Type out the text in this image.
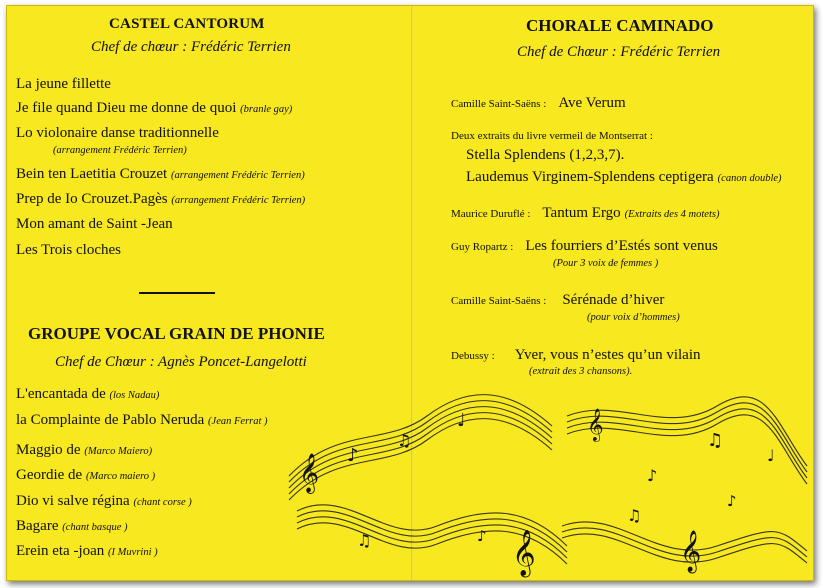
𝄞
𝄞	𝄞
𝄞
♪
♫
♩
♪
♫
♩
♪
♫
♫	♪
CASTEL CANTORUM
Chef de chœur : Frédéric Terrien
La jeune fillette
Je file quand Dieu me donne de quoi (branle gay)
Lo violonaire danse traditionnelle
(arrangement Frédéric Terrien)
Bein ten Laetitia Crouzet (arrangement Frédéric Terrien)
Prep de Io Crouzet.Pagès (arrangement Frédéric Terrien)
Mon amant de Saint -Jean
Les Trois cloches
GROUPE VOCAL GRAIN DE PHONIE
Chef de Chœur : Agnès Poncet-Langelotti
L'encantada de (los Nadau)
la Complainte de Pablo Neruda (Jean Ferrat )
Maggio de (Marco Maiero)
Geordie de (Marco maiero )
Dio vi salve régina (chant corse )
Bagare (chant basque )
Erein eta -joan (I Muvrini )
CHORALE CAMINADO
Chef de Chœur : Frédéric Terrien
Camille Saint-Saëns : Ave Verum
Deux extraits du livre vermeil de Montserrat :
Stella Splendens (1,2,3,7).
Laudemus Virginem-Splendens ceptigera (canon double)
Maurice Duruflé : Tantum Ergo (Extraits des 4 motets)
Guy Ropartz : Les fourriers d’Estés sont venus
(Pour 3 voix de femmes )
Camille Saint-Saëns : Sérénade d’hiver
(pour voix d’hommes)
Debussy : Yver, vous n’estes qu’un vilain
(extrait des 3 chansons).
